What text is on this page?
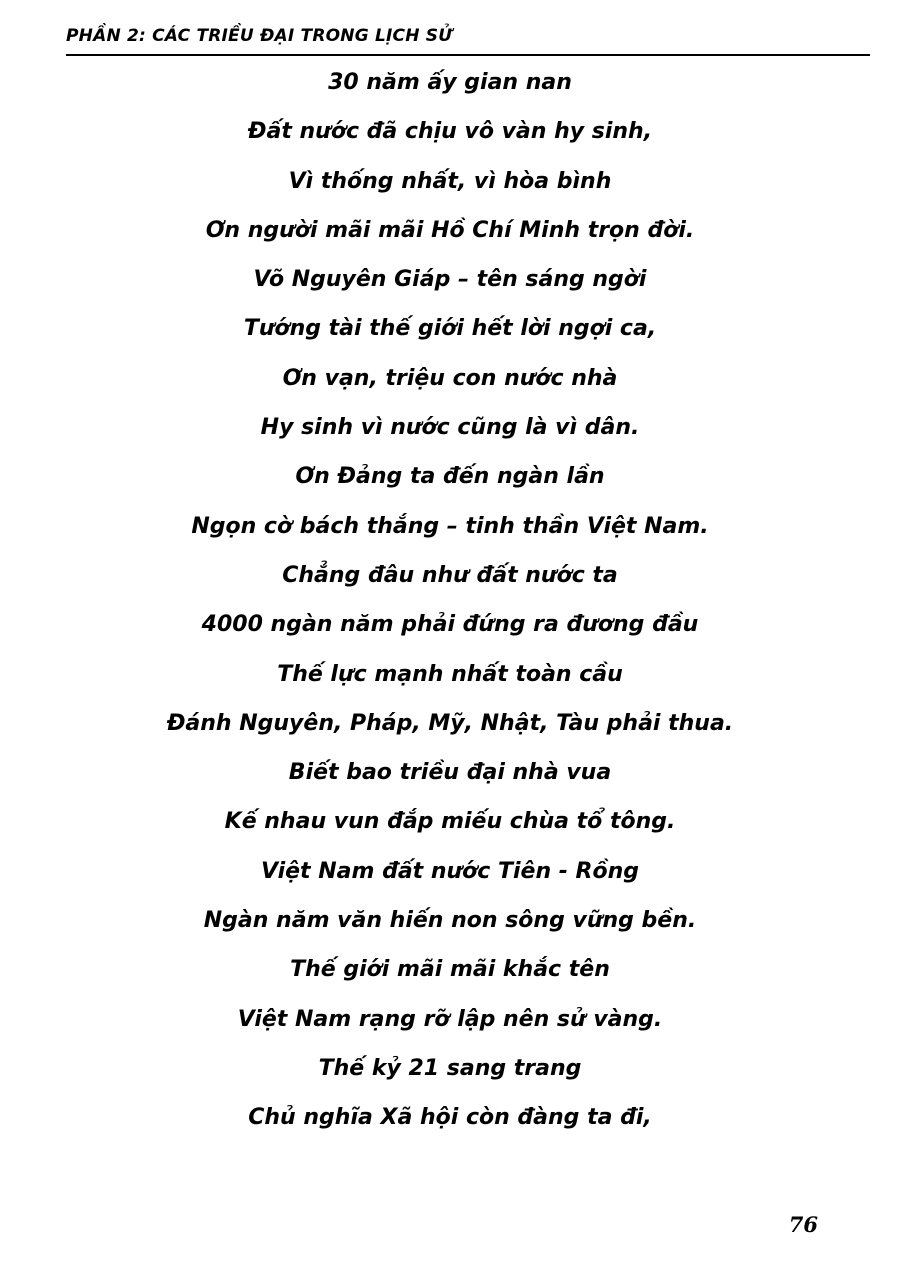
PHẦN 2: CÁC TRIỀU ĐẠI TRONG LỊCH SỬ
30 năm ấy gian nan
Đất nước đã chịu vô vàn hy sinh,
Vì thống nhất, vì hòa bình
Ơn người mãi mãi Hồ Chí Minh trọn đời.
Võ Nguyên Giáp – tên sáng ngời
Tướng tài thế giới hết lời ngợi ca,
Ơn vạn, triệu con nước nhà
Hy sinh vì nước cũng là vì dân.
Ơn Đảng ta đến ngàn lần
Ngọn cờ bách thắng – tinh thần Việt Nam.
Chẳng đâu như đất nước ta
4000 ngàn năm phải đứng ra đương đầu
Thế lực mạnh nhất toàn cầu
Đánh Nguyên, Pháp, Mỹ, Nhật, Tàu phải thua.
Biết bao triều đại nhà vua
Kế nhau vun đắp miếu chùa tổ tông.
Việt Nam đất nước Tiên - Rồng
Ngàn năm văn hiến non sông vững bền.
Thế giới mãi mãi khắc tên
Việt Nam rạng rỡ lập nên sử vàng.
Thế kỷ 21 sang trang
Chủ nghĩa Xã hội còn đàng ta đi,
76
